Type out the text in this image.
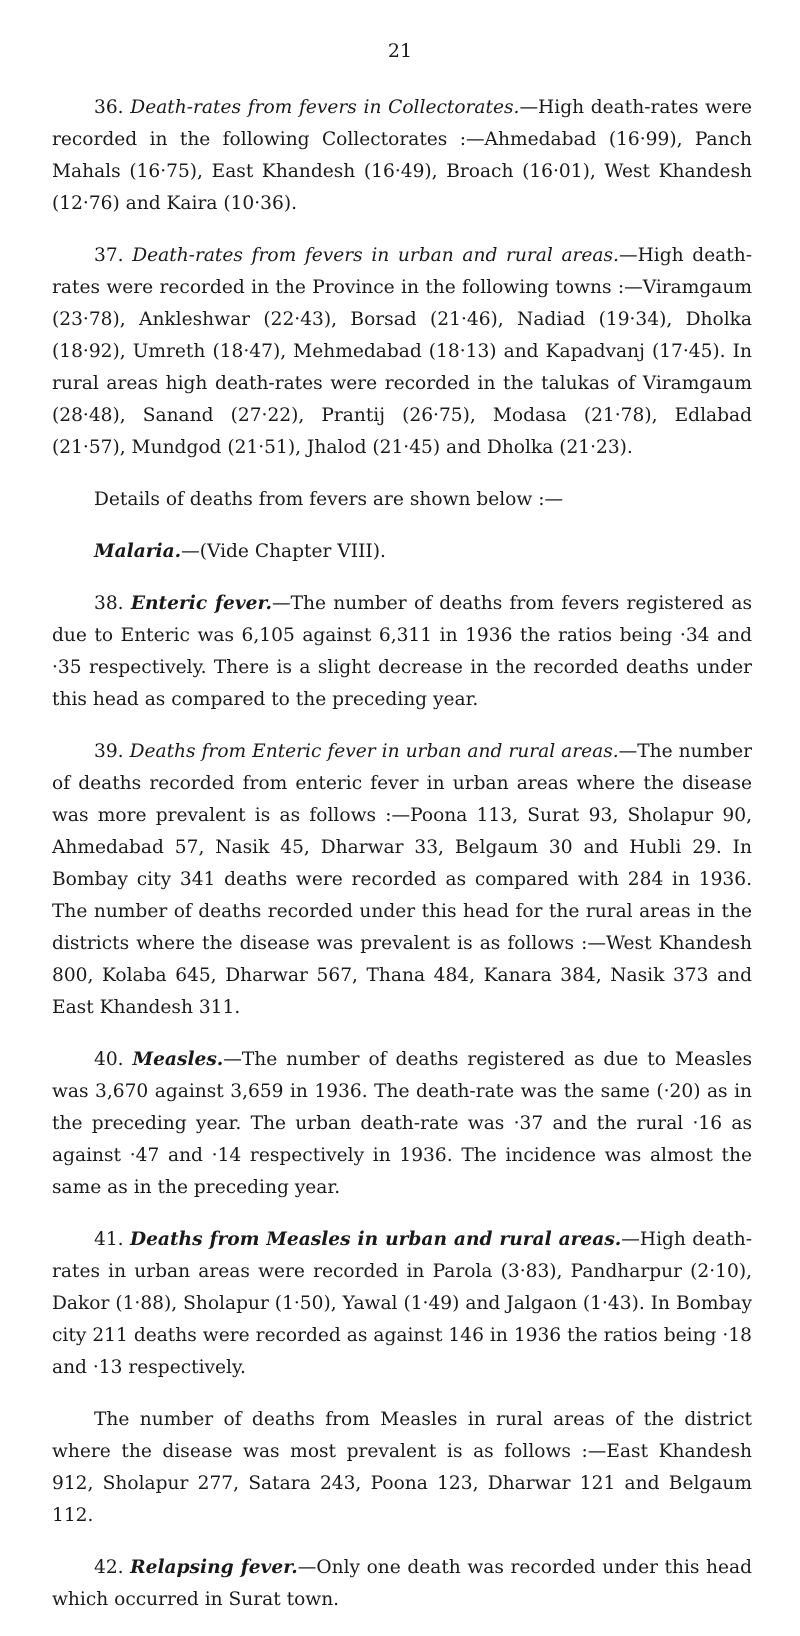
21

36. Death-rates from fevers in Collectorates.—High death-rates were recorded in the following Collectorates :—Ahmedabad (16·99), Panch Mahals (16·75), East Khandesh (16·49), Broach (16·01), West Khandesh (12·76) and Kaira (10·36).

37. Death-rates from fevers in urban and rural areas.—High death-rates were recorded in the Province in the following towns :—Viramgaum (23·78), Ankleshwar (22·43), Borsad (21·46), Nadiad (19·34), Dholka (18·92), Umreth (18·47), Mehmedabad (18·13) and Kapadvanj (17·45). In rural areas high death-rates were recorded in the talukas of Viramgaum (28·48), Sanand (27·22), Prantij (26·75), Modasa (21·78), Edlabad (21·57), Mundgod (21·51), Jhalod (21·45) and Dholka (21·23).

Details of deaths from fevers are shown below :—

Malaria.—(Vide Chapter VIII).

38. Enteric fever.—The number of deaths from fevers registered as due to Enteric was 6,105 against 6,311 in 1936 the ratios being ·34 and ·35 respectively. There is a slight decrease in the recorded deaths under this head as compared to the preceding year.

39. Deaths from Enteric fever in urban and rural areas.—The number of deaths recorded from enteric fever in urban areas where the disease was more prevalent is as follows :—Poona 113, Surat 93, Sholapur 90, Ahmedabad 57, Nasik 45, Dharwar 33, Belgaum 30 and Hubli 29. In Bombay city 341 deaths were recorded as compared with 284 in 1936. The number of deaths recorded under this head for the rural areas in the districts where the disease was prevalent is as follows :—West Khandesh 800, Kolaba 645, Dharwar 567, Thana 484, Kanara 384, Nasik 373 and East Khandesh 311.

40. Measles.—The number of deaths registered as due to Measles was 3,670 against 3,659 in 1936. The death-rate was the same (·20) as in the preceding year. The urban death-rate was ·37 and the rural ·16 as against ·47 and ·14 respectively in 1936. The incidence was almost the same as in the preceding year.

41. Deaths from Measles in urban and rural areas.—High death-rates in urban areas were recorded in Parola (3·83), Pandharpur (2·10), Dakor (1·88), Sholapur (1·50), Yawal (1·49) and Jalgaon (1·43). In Bombay city 211 deaths were recorded as against 146 in 1936 the ratios being ·18 and ·13 respectively.

The number of deaths from Measles in rural areas of the district where the disease was most prevalent is as follows :—East Khandesh 912, Sholapur 277, Satara 243, Poona 123, Dharwar 121 and Belgaum 112.

42. Relapsing fever.—Only one death was recorded under this head which occurred in Surat town.
